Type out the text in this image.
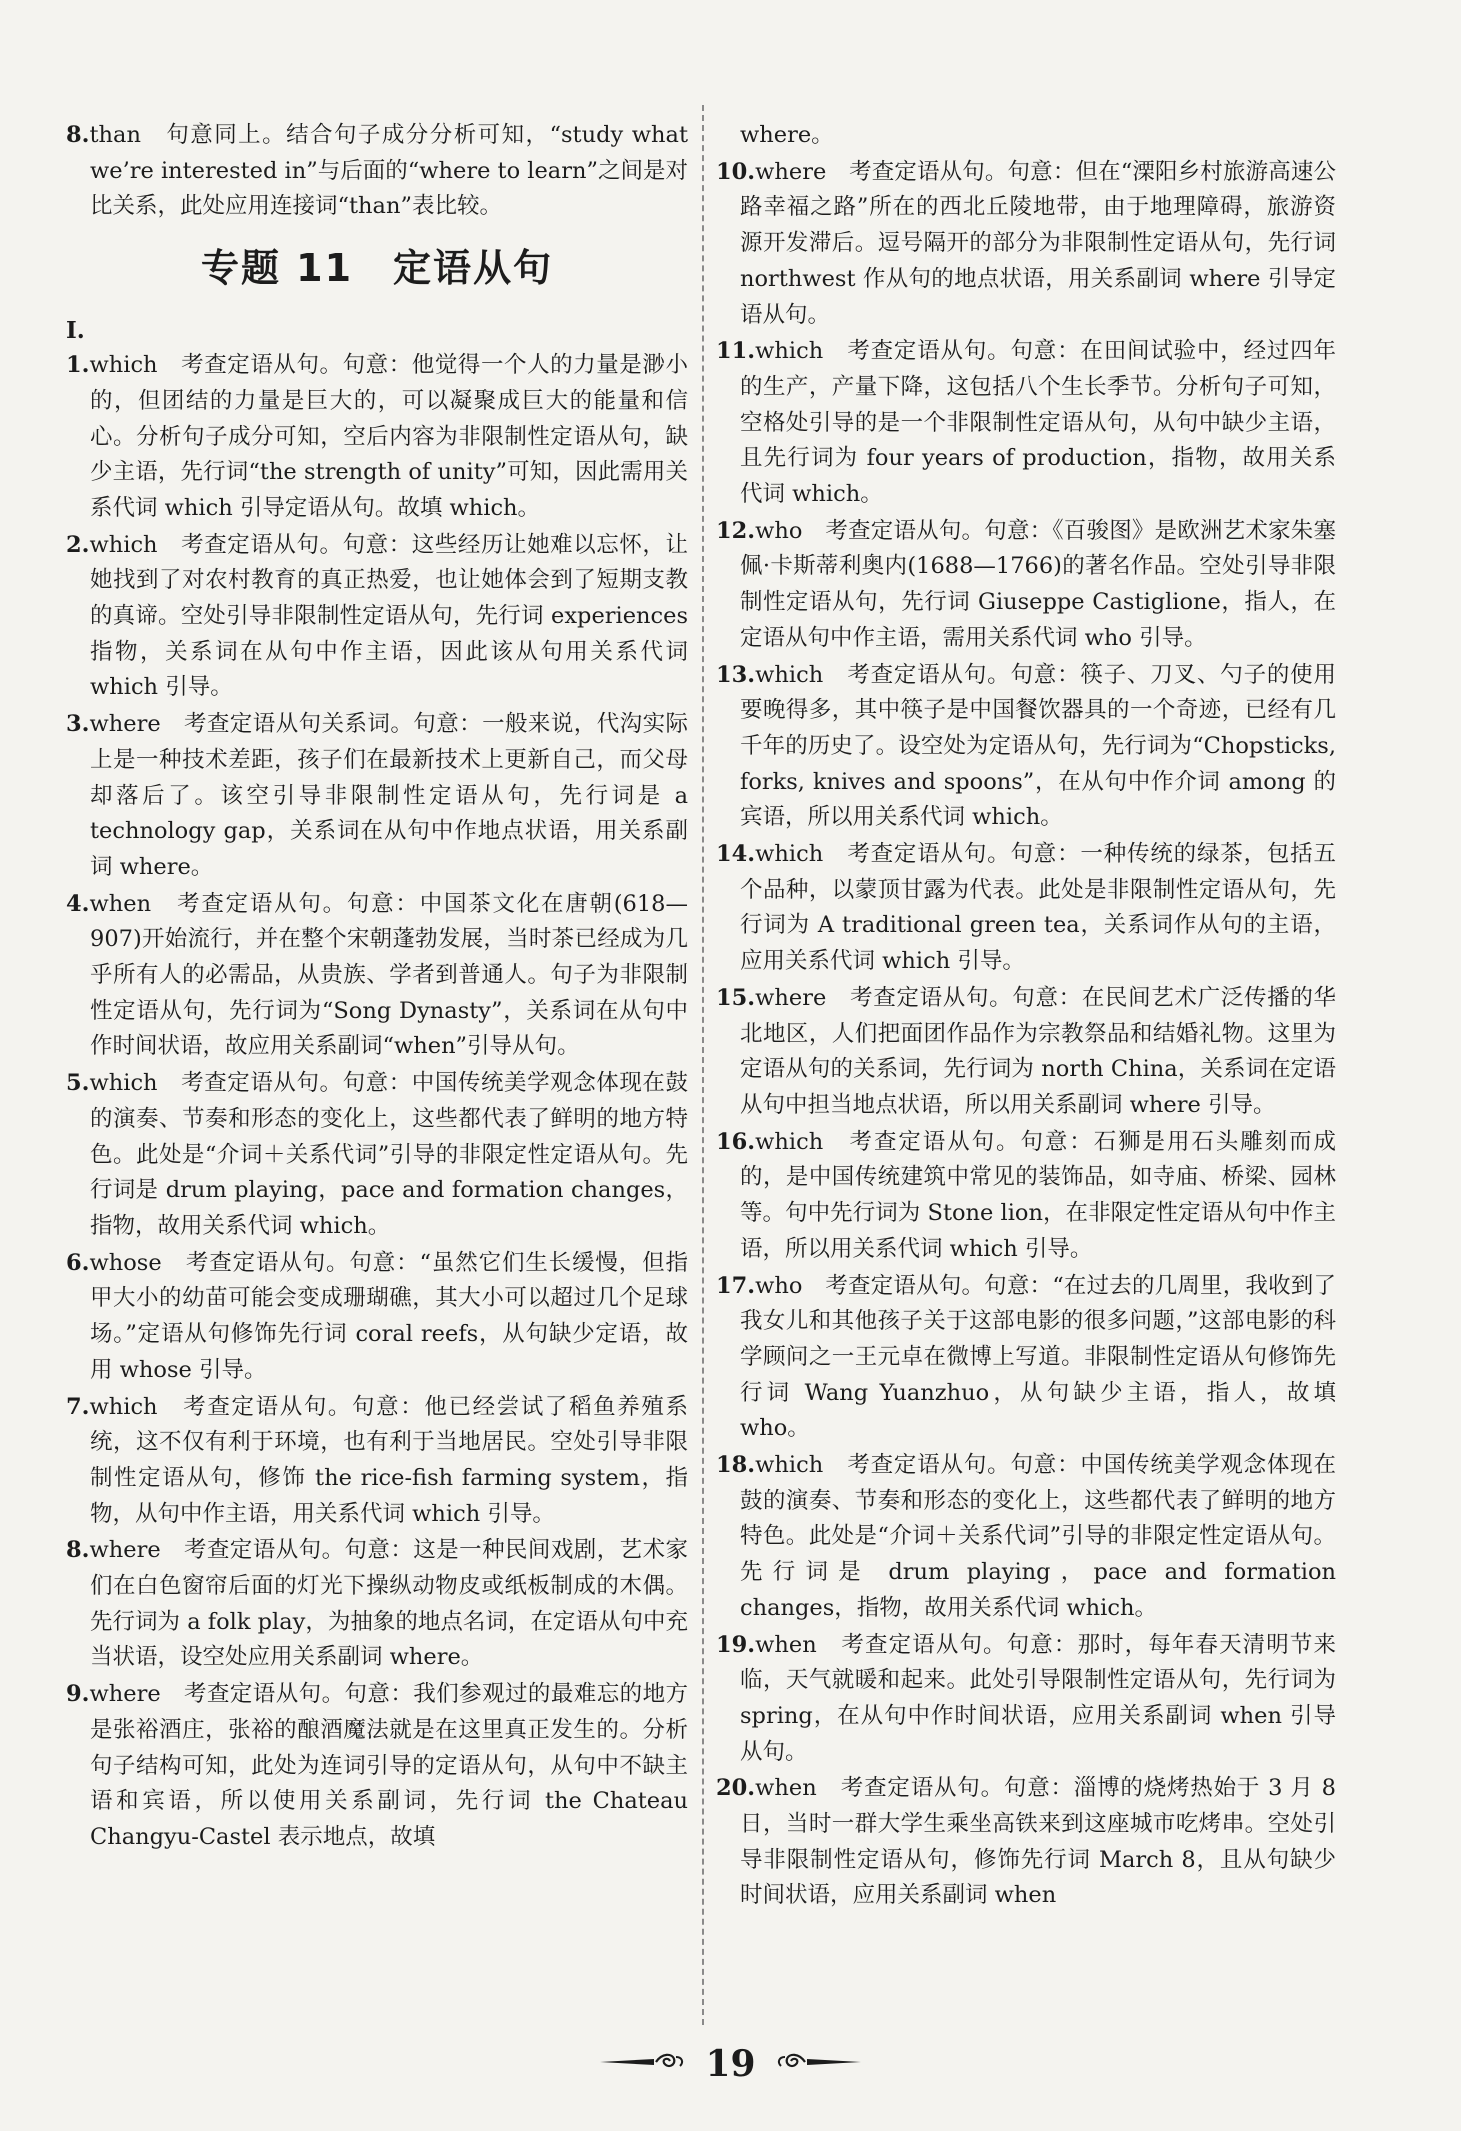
8.than　句意同上。结合句子成分分析可知，“study what we’re interested in”与后面的“where to learn”之间是对比关系，此处应用连接词“than”表比较。

专题 11　定语从句
Ⅰ.

1.which　考查定语从句。句意：他觉得一个人的力量是渺小的，但团结的力量是巨大的，可以凝聚成巨大的能量和信心。分析句子成分可知，空后内容为非限制性定语从句，缺少主语，先行词“the strength of unity”可知，因此需用关系代词 which 引导定语从句。故填 which。

2.which　考查定语从句。句意：这些经历让她难以忘怀，让她找到了对农村教育的真正热爱，也让她体会到了短期支教的真谛。空处引导非限制性定语从句，先行词 experiences 指物，关系词在从句中作主语，因此该从句用关系代词 which 引导。

3.where　考查定语从句关系词。句意：一般来说，代沟实际上是一种技术差距，孩子们在最新技术上更新自己，而父母却落后了。该空引导非限制性定语从句，先行词是 a technology gap，关系词在从句中作地点状语，用关系副词 where。

4.when　考查定语从句。句意：中国茶文化在唐朝(618—907)开始流行，并在整个宋朝蓬勃发展，当时茶已经成为几乎所有人的必需品，从贵族、学者到普通人。句子为非限制性定语从句，先行词为“Song Dynasty”，关系词在从句中作时间状语，故应用关系副词“when”引导从句。

5.which　考查定语从句。句意：中国传统美学观念体现在鼓的演奏、节奏和形态的变化上，这些都代表了鲜明的地方特色。此处是“介词＋关系代词”引导的非限定性定语从句。先行词是 drum playing，pace and formation changes，指物，故用关系代词 which。

6.whose　考查定语从句。句意：“虽然它们生长缓慢，但指甲大小的幼苗可能会变成珊瑚礁，其大小可以超过几个足球场。”定语从句修饰先行词 coral reefs，从句缺少定语，故用 whose 引导。

7.which　考查定语从句。句意：他已经尝试了稻鱼养殖系统，这不仅有利于环境，也有利于当地居民。空处引导非限制性定语从句，修饰 the rice-fish farming system，指物，从句中作主语，用关系代词 which 引导。

8.where　考查定语从句。句意：这是一种民间戏剧，艺术家们在白色窗帘后面的灯光下操纵动物皮或纸板制成的木偶。先行词为 a folk play，为抽象的地点名词，在定语从句中充当状语，设空处应用关系副词 where。

9.where　考查定语从句。句意：我们参观过的最难忘的地方是张裕酒庄，张裕的酿酒魔法就是在这里真正发生的。分析句子结构可知，此处为连词引导的定语从句，从句中不缺主语和宾语，所以使用关系副词，先行词 the Chateau Changyu-Castel 表示地点，故填

where。

10.where　考查定语从句。句意：但在“溧阳乡村旅游高速公路幸福之路”所在的西北丘陵地带，由于地理障碍，旅游资源开发滞后。逗号隔开的部分为非限制性定语从句，先行词 northwest 作从句的地点状语，用关系副词 where 引导定语从句。

11.which　考查定语从句。句意：在田间试验中，经过四年的生产，产量下降，这包括八个生长季节。分析句子可知，空格处引导的是一个非限制性定语从句，从句中缺少主语，且先行词为 four years of production，指物，故用关系代词 which。

12.who　考查定语从句。句意：《百骏图》是欧洲艺术家朱塞佩·卡斯蒂利奥内(1688—1766)的著名作品。空处引导非限制性定语从句，先行词 Giuseppe Castiglione，指人，在定语从句中作主语，需用关系代词 who 引导。

13.which　考查定语从句。句意：筷子、刀叉、勺子的使用要晚得多，其中筷子是中国餐饮器具的一个奇迹，已经有几千年的历史了。设空处为定语从句，先行词为“Chopsticks, forks, knives and spoons”，在从句中作介词 among 的宾语，所以用关系代词 which。

14.which　考查定语从句。句意：一种传统的绿茶，包括五个品种，以蒙顶甘露为代表。此处是非限制性定语从句，先行词为 A traditional green tea，关系词作从句的主语，应用关系代词 which 引导。

15.where　考查定语从句。句意：在民间艺术广泛传播的华北地区，人们把面团作品作为宗教祭品和结婚礼物。这里为定语从句的关系词，先行词为 north China，关系词在定语从句中担当地点状语，所以用关系副词 where 引导。

16.which　考查定语从句。句意：石狮是用石头雕刻而成的，是中国传统建筑中常见的装饰品，如寺庙、桥梁、园林等。句中先行词为 Stone lion，在非限定性定语从句中作主语，所以用关系代词 which 引导。

17.who　考查定语从句。句意：“在过去的几周里，我收到了我女儿和其他孩子关于这部电影的很多问题，”这部电影的科学顾问之一王元卓在微博上写道。非限制性定语从句修饰先行词 Wang Yuanzhuo，从句缺少主语，指人，故填 who。

18.which　考查定语从句。句意：中国传统美学观念体现在鼓的演奏、节奏和形态的变化上，这些都代表了鲜明的地方特色。此处是“介词＋关系代词”引导的非限定性定语从句。先行词是 drum playing，pace and formation changes，指物，故用关系代词 which。

19.when　考查定语从句。句意：那时，每年春天清明节来临，天气就暖和起来。此处引导限制性定语从句，先行词为 spring，在从句中作时间状语，应用关系副词 when 引导从句。

20.when　考查定语从句。句意：淄博的烧烤热始于 3 月 8 日，当时一群大学生乘坐高铁来到这座城市吃烤串。空处引导非限制性定语从句，修饰先行词 March 8，且从句缺少时间状语，应用关系副词 when

19
